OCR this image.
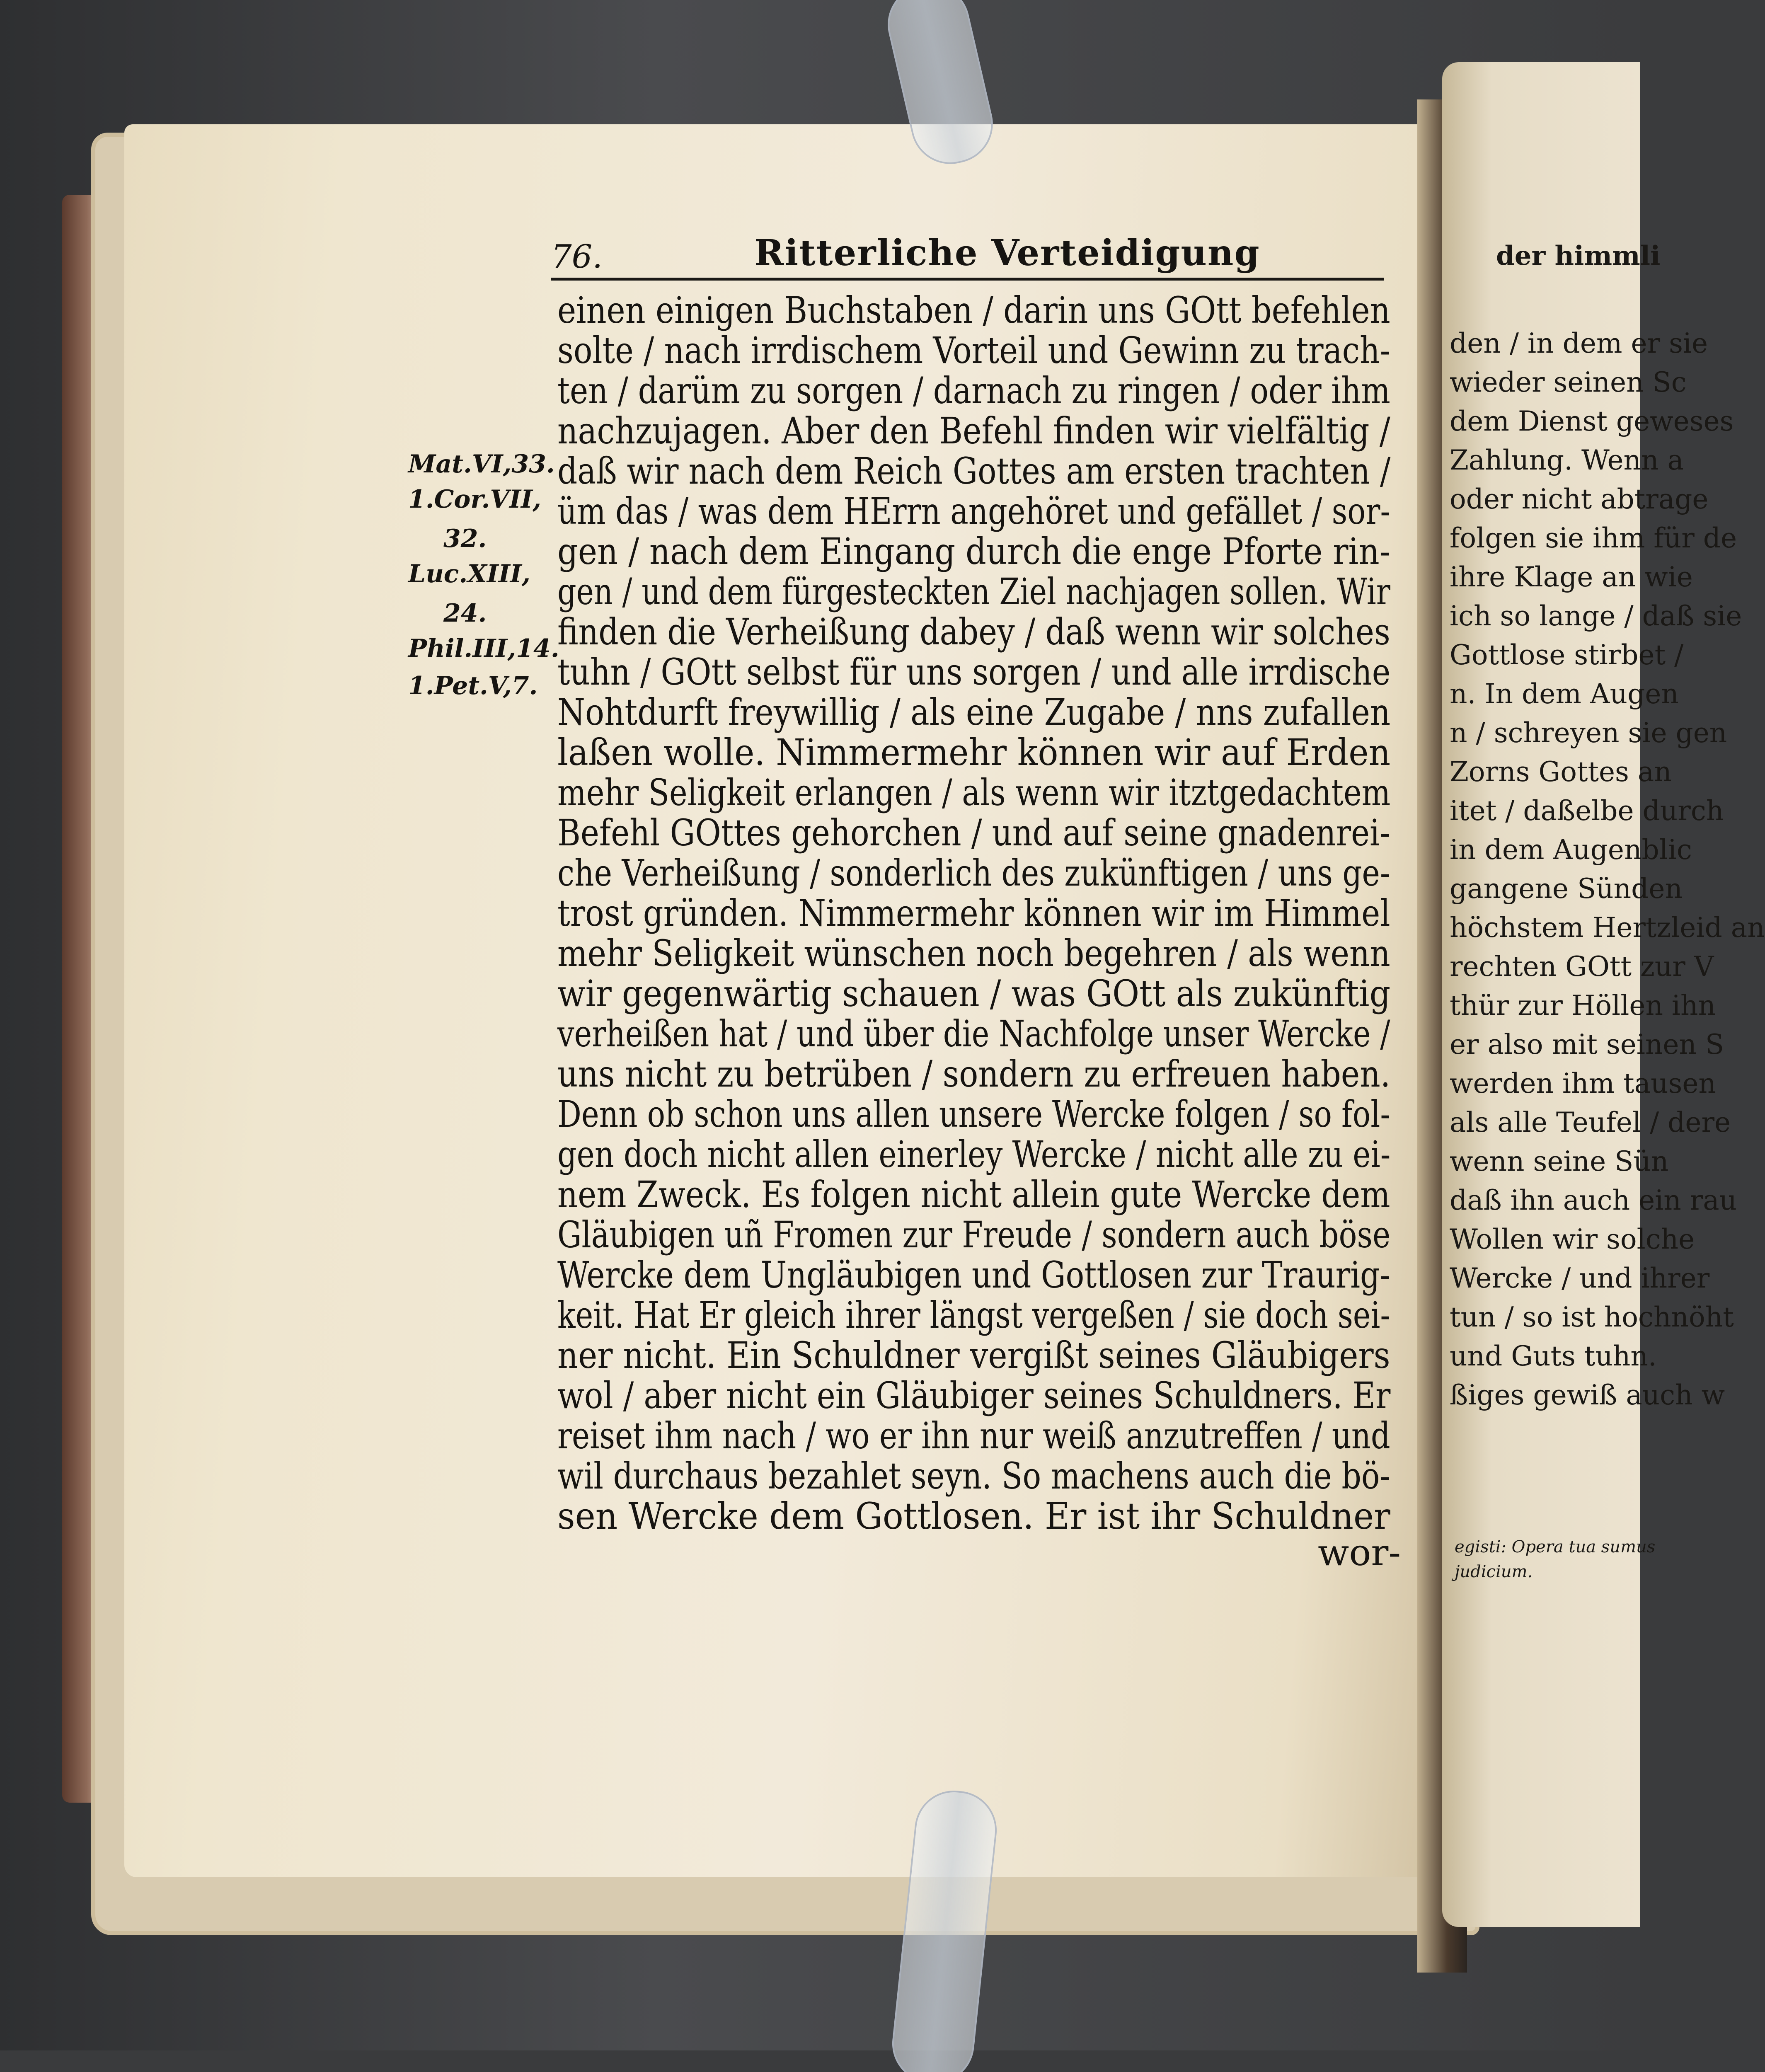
der himmli
den / in dem er sie
wieder seinen Sc
dem Dienst geweses
Zahlung. Wenn a
oder nicht abtrage
folgen sie ihm für de
ihre Klage an wie
ich so lange / daß sie
Gottlose stirbet /
n. In dem Augen
n / schreyen sie gen
Zorns Gottes an
itet / daßelbe durch
in dem Augenblic
gangene Sünden
höchstem Hertzleid an
rechten GOtt zur V
thür zur Höllen ihn
er also mit seinen S
werden ihm tausen
als alle Teufel / dere
wenn seine Sün
daß ihn auch ein rau
Wollen wir solche
Wercke / und ihrer
tun / so ist hochnöht
und Guts tuhn.
ßiges gewiß auch w
egisti: Opera tua sumus
judicium.
76.	Ritterliche Verteidigung
einen einigen Buchstaben / darin uns GOtt befehlen
solte / nach irrdischem Vorteil und Gewinn zu trach-
ten / darüm zu sorgen / darnach zu ringen / oder ihm
nachzujagen. Aber den Befehl finden wir vielfältig /
daß wir nach dem Reich Gottes am ersten trachten /
üm das / was dem HErrn angehöret und gefället / sor-
gen / nach dem Eingang durch die enge Pforte rin-
gen / und dem fürgesteckten Ziel nachjagen sollen. Wir
finden die Verheißung dabey / daß wenn wir solches
tuhn / GOtt selbst für uns sorgen / und alle irrdische
Nohtdurft freywillig / als eine Zugabe / nns zufallen
laßen wolle. Nimmermehr können wir auf Erden
mehr Seligkeit erlangen / als wenn wir itztgedachtem
Befehl GOttes gehorchen / und auf seine gnadenrei-
che Verheißung / sonderlich des zukünftigen / uns ge-
trost gründen. Nimmermehr können wir im Himmel
mehr Seligkeit wünschen noch begehren / als wenn
wir gegenwärtig schauen / was GOtt als zukünftig
verheißen hat / und über die Nachfolge unser Wercke /
uns nicht zu betrüben / sondern zu erfreuen haben.
Denn ob schon uns allen unsere Wercke folgen / so fol-
gen doch nicht allen einerley Wercke / nicht alle zu ei-
nem Zweck. Es folgen nicht allein gute Wercke dem
Gläubigen uñ Fromen zur Freude / sondern auch böse
Wercke dem Ungläubigen und Gottlosen zur Traurig-
keit. Hat Er gleich ihrer längst vergeßen / sie doch sei-
ner nicht. Ein Schuldner vergißt seines Gläubigers
wol / aber nicht ein Gläubiger seines Schuldners. Er
reiset ihm nach / wo er ihn nur weiß anzutreffen / und
wil durchaus bezahlet seyn. So machens auch die bö-
sen Wercke dem Gottlosen. Er ist ihr Schuldner
Mat.VI,33.
1.Cor.VII,
32.
Luc.XIII,
24.
Phil.III,14.
1.Pet.V,7.
wor-
